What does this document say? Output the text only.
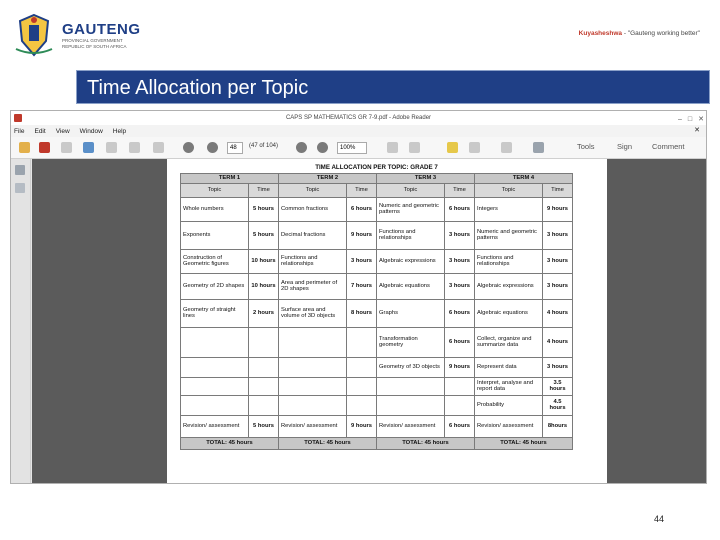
GAUTENG
PROVINCIAL GOVERNMENT
REPUBLIC OF SOUTH AFRICA
Kuyasheshwa - "Gauteng working better"
Time Allocation per Topic
CAPS SP MATHEMATICS GR 7-9.pdf - Adobe Reader	– □ ✕
File Edit View Window Help	✕
48	(47 of 104)	100%	Tools	Sign	Comment
TIME ALLOCATION PER TOPIC: GRADE 7							
TERM 1		TERM 2		TERM 3		TERM 4	
Topic	Time	Topic	Time	Topic	Time	Topic	Time
Whole numbers	5 hours	Common fractions	6 hours	Numeric and geometric patterns	6 hours	Integers	9 hours
Exponents	5 hours	Decimal fractions	9 hours	Functions and relationships	3 hours	Numeric and geometric patterns	3 hours
Construction of Geometric figures	10 hours	Functions and relationships	3 hours	Algebraic expressions	3 hours	Functions and relationships	3 hours
Geometry of 2D shapes	10 hours	Area and perimeter of 2D shapes	7 hours	Algebraic equations	3 hours	Algebraic expressions	3 hours
Geometry of straight lines	2 hours	Surface area and volume of 3D objects	8 hours	Graphs	6 hours	Algebraic equations	4 hours
				Transformation geometry	6 hours	Collect, organize and summarize data	4 hours
				Geometry of 3D objects	9 hours	Represent data	3 hours
						Interpret, analyse and report data	3.5 hours
						Probability	4.5 hours
Revision/ assessment	5 hours	Revision/ assessment	9 hours	Revision/ assessment	6 hours	Revision/ assessment	8hours
TOTAL: 45 hours		TOTAL: 45 hours		TOTAL: 45 hours		TOTAL: 45 hours	
44
